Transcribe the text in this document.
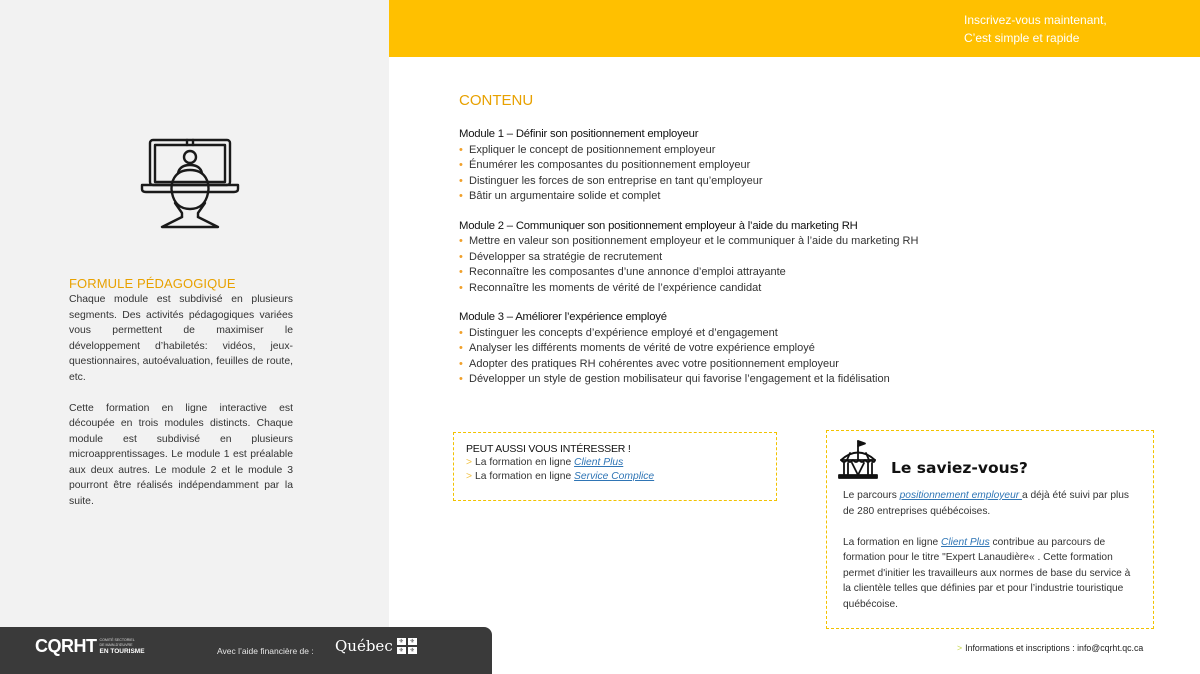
FORMULE PÉDAGOGIQUE

Chaque module est subdivisé en plusieurs segments. Des activités pédagogiques variées vous permettent de maximiser le développement d’habiletés: vidéos, jeux-questionnaires, autoévaluation, feuilles de route, etc.

Cette formation en ligne interactive est découpée en trois modules distincts. Chaque module est subdivisé en plusieurs microapprentissages. Le module 1 est préalable aux deux autres. Le module 2 et le module 3 pourront être réalisés indépendamment par la suite.

Inscrivez-vous maintenant,
C’est simple et rapide
CONTENU
Module 1 – Définir son positionnement employeur
• Expliquer le concept de positionnement employeur
• Énumérer les composantes du positionnement employeur
• Distinguer les forces de son entreprise en tant qu’employeur
• Bâtir un argumentaire solide et complet
Module 2 – Communiquer son positionnement employeur à l’aide du marketing RH
• Mettre en valeur son positionnement employeur et le communiquer à l’aide du marketing RH
• Développer sa stratégie de recrutement
• Reconnaître les composantes d’une annonce d’emploi attrayante
• Reconnaître les moments de vérité de l’expérience candidat
Module 3 – Améliorer l’expérience employé
• Distinguer les concepts d’expérience employé et d’engagement
• Analyser les différents moments de vérité de votre expérience employé
• Adopter des pratiques RH cohérentes avec votre positionnement employeur
• Développer un style de gestion mobilisateur qui favorise l’engagement et la fidélisation
PEUT AUSSI VOUS INTÉRESSER !
> La formation en ligne Client Plus
> La formation en ligne Service Complice	Le saviez-vous?

Le parcours positionnement employeur a déjà été suivi par plus de 280 entreprises québécoises.

La formation en ligne Client Plus contribue au parcours de formation pour le titre "Expert Lanaudière« . Cette formation permet d'initier les travailleurs aux normes de base du service à la clientèle telles que définies par et pour l’industrie touristique québécoise.

CQRHT COMITÉ SECTORIEL
DE MAIN-D'ŒUVRE
EN TOURISME	Avec l’aide financière de : Québec ⚜ ⚜
⚜ ⚜	> Informations et inscriptions : info@cqrht.qc.ca
